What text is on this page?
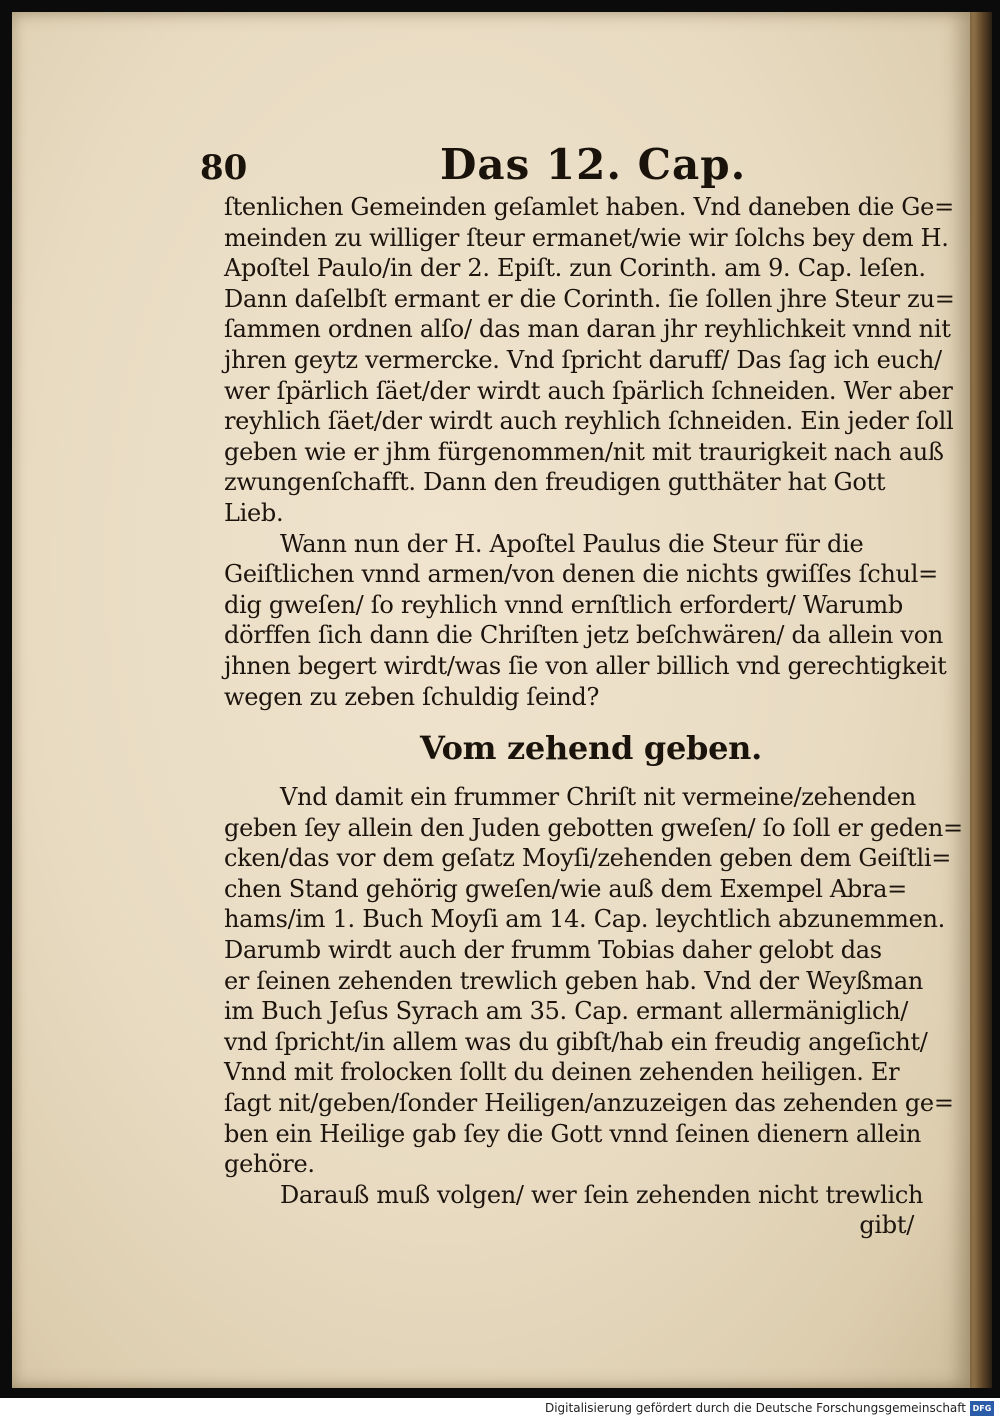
80	Das 12. Cap.
ſtenlichen Gemeinden geſamlet haben. Vnd daneben die Ge=
meinden zu williger ſteur ermanet/wie wir ſolchs bey dem H.
Apoſtel Paulo/in der 2. Epiſt. zun Corinth. am 9. Cap. leſen.
Dann daſelbſt ermant er die Corinth. ſie ſollen jhre Steur zu=
ſammen ordnen alſo/ das man daran jhr reyhlichkeit vnnd nit
jhren geytz vermercke. Vnd ſpricht daruff/ Das ſag ich euch/
wer ſpärlich ſäet/der wirdt auch ſpärlich ſchneiden. Wer aber
reyhlich ſäet/der wirdt auch reyhlich ſchneiden. Ein jeder ſoll
geben wie er jhm fürgenommen/nit mit traurigkeit nach auß
zwungenſchafft. Dann den freudigen gutthäter hat Gott
Lieb.
Wann nun der H. Apoſtel Paulus die Steur für die
Geiſtlichen vnnd armen/von denen die nichts gwiſſes ſchul=
dig gweſen/ ſo reyhlich vnnd ernſtlich erfordert/ Warumb
dörffen ſich dann die Chriſten jetz beſchwären/ da allein von
jhnen begert wirdt/was ſie von aller billich vnd gerechtigkeit
wegen zu zeben ſchuldig ſeind?
Vom zehend geben.
Vnd damit ein frummer Chriſt nit vermeine/zehenden
geben ſey allein den Juden gebotten gweſen/ ſo ſoll er geden=
cken/das vor dem geſatz Moyſi/zehenden geben dem Geiſtli=
chen Stand gehörig gweſen/wie auß dem Exempel Abra=
hams/im 1. Buch Moyſi am 14. Cap. leychtlich abzunemmen.
Darumb wirdt auch der frumm Tobias daher gelobt das
er ſeinen zehenden trewlich geben hab. Vnd der Weyßman
im Buch Jeſus Syrach am 35. Cap. ermant allermäniglich/
vnd ſpricht/in allem was du gibſt/hab ein freudig angeſicht/
Vnnd mit frolocken ſollt du deinen zehenden heiligen. Er
ſagt nit/geben/ſonder Heiligen/anzuzeigen das zehenden ge=
ben ein Heilige gab ſey die Gott vnnd ſeinen dienern allein
gehöre.
Darauß muß volgen/ wer ſein zehenden nicht trewlich
gibt/
Digitalisierung gefördert durch die Deutsche Forschungsgemeinschaft DFG
